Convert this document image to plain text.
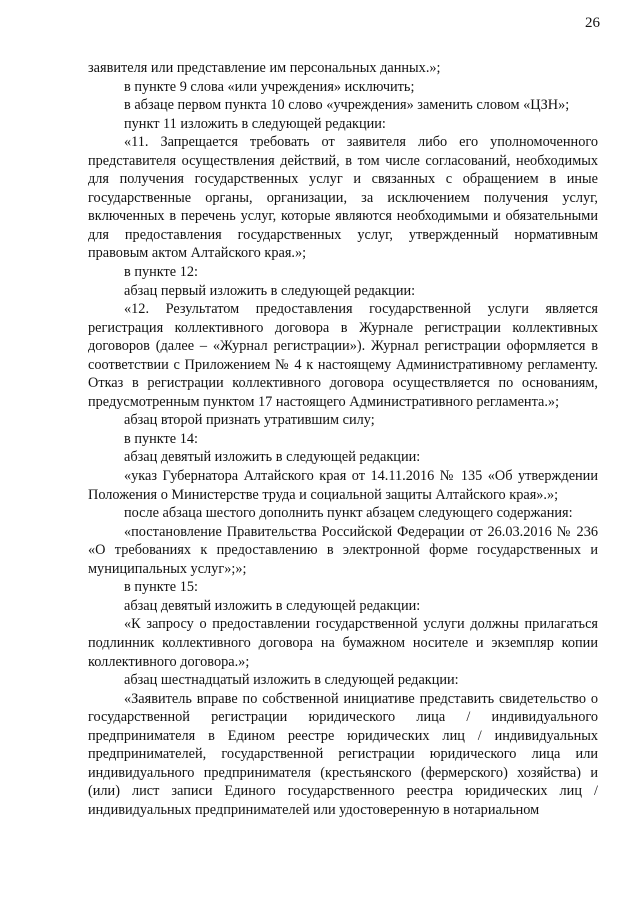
26

заявителя или представление им персональных данных.»;

в пункте 9 слова «или учреждения» исключить;

в абзаце первом пункта 10 слово «учреждения» заменить словом «ЦЗН»;

пункт 11 изложить в следующей редакции:

«11. Запрещается требовать от заявителя либо его уполномоченного представителя осуществления действий, в том числе согласований, необходимых для получения государственных услуг и связанных с обращением в иные государственные органы, организации, за исключением получения услуг, включенных в перечень услуг, которые являются необходимыми и обязательными для предоставления государственных услуг, утвержденный нормативным правовым актом Алтайского края.»;

в пункте 12:

абзац первый изложить в следующей редакции:

«12. Результатом предоставления государственной услуги является регистрация коллективного договора в Журнале регистрации коллективных договоров (далее – «Журнал регистрации»). Журнал регистрации оформляется в соответствии с Приложением № 4 к настоящему Административному регламенту. Отказ в регистрации коллективного договора осуществляется по основаниям, предусмотренным пунктом 17 настоящего Административного регламента.»;

абзац второй признать утратившим силу;

в пункте 14:

абзац девятый изложить в следующей редакции:

«указ Губернатора Алтайского края от 14.11.2016 № 135 «Об утверждении Положения о Министерстве труда и социальной защиты Алтайского края».»;

после абзаца шестого дополнить пункт абзацем следующего содержания:

«постановление Правительства Российской Федерации от 26.03.2016 № 236 «О требованиях к предоставлению в электронной форме государственных и муниципальных услуг»;»;

в пункте 15:

абзац девятый изложить в следующей редакции:

«К запросу о предоставлении государственной услуги должны прилагаться подлинник коллективного договора на бумажном носителе и экземпляр копии коллективного договора.»;

абзац шестнадцатый изложить в следующей редакции:

«Заявитель вправе по собственной инициативе представить свидетельство о государственной регистрации юридического лица / индивидуального предпринимателя в Едином реестре юридических лиц / индивидуальных предпринимателей, государственной регистрации юридического лица или индивидуального предпринимателя (крестьянского (фермерского) хозяйства) и (или) лист записи Единого государственного реестра юридических лиц / индивидуальных предпринимателей или удостоверенную в нотариальном
